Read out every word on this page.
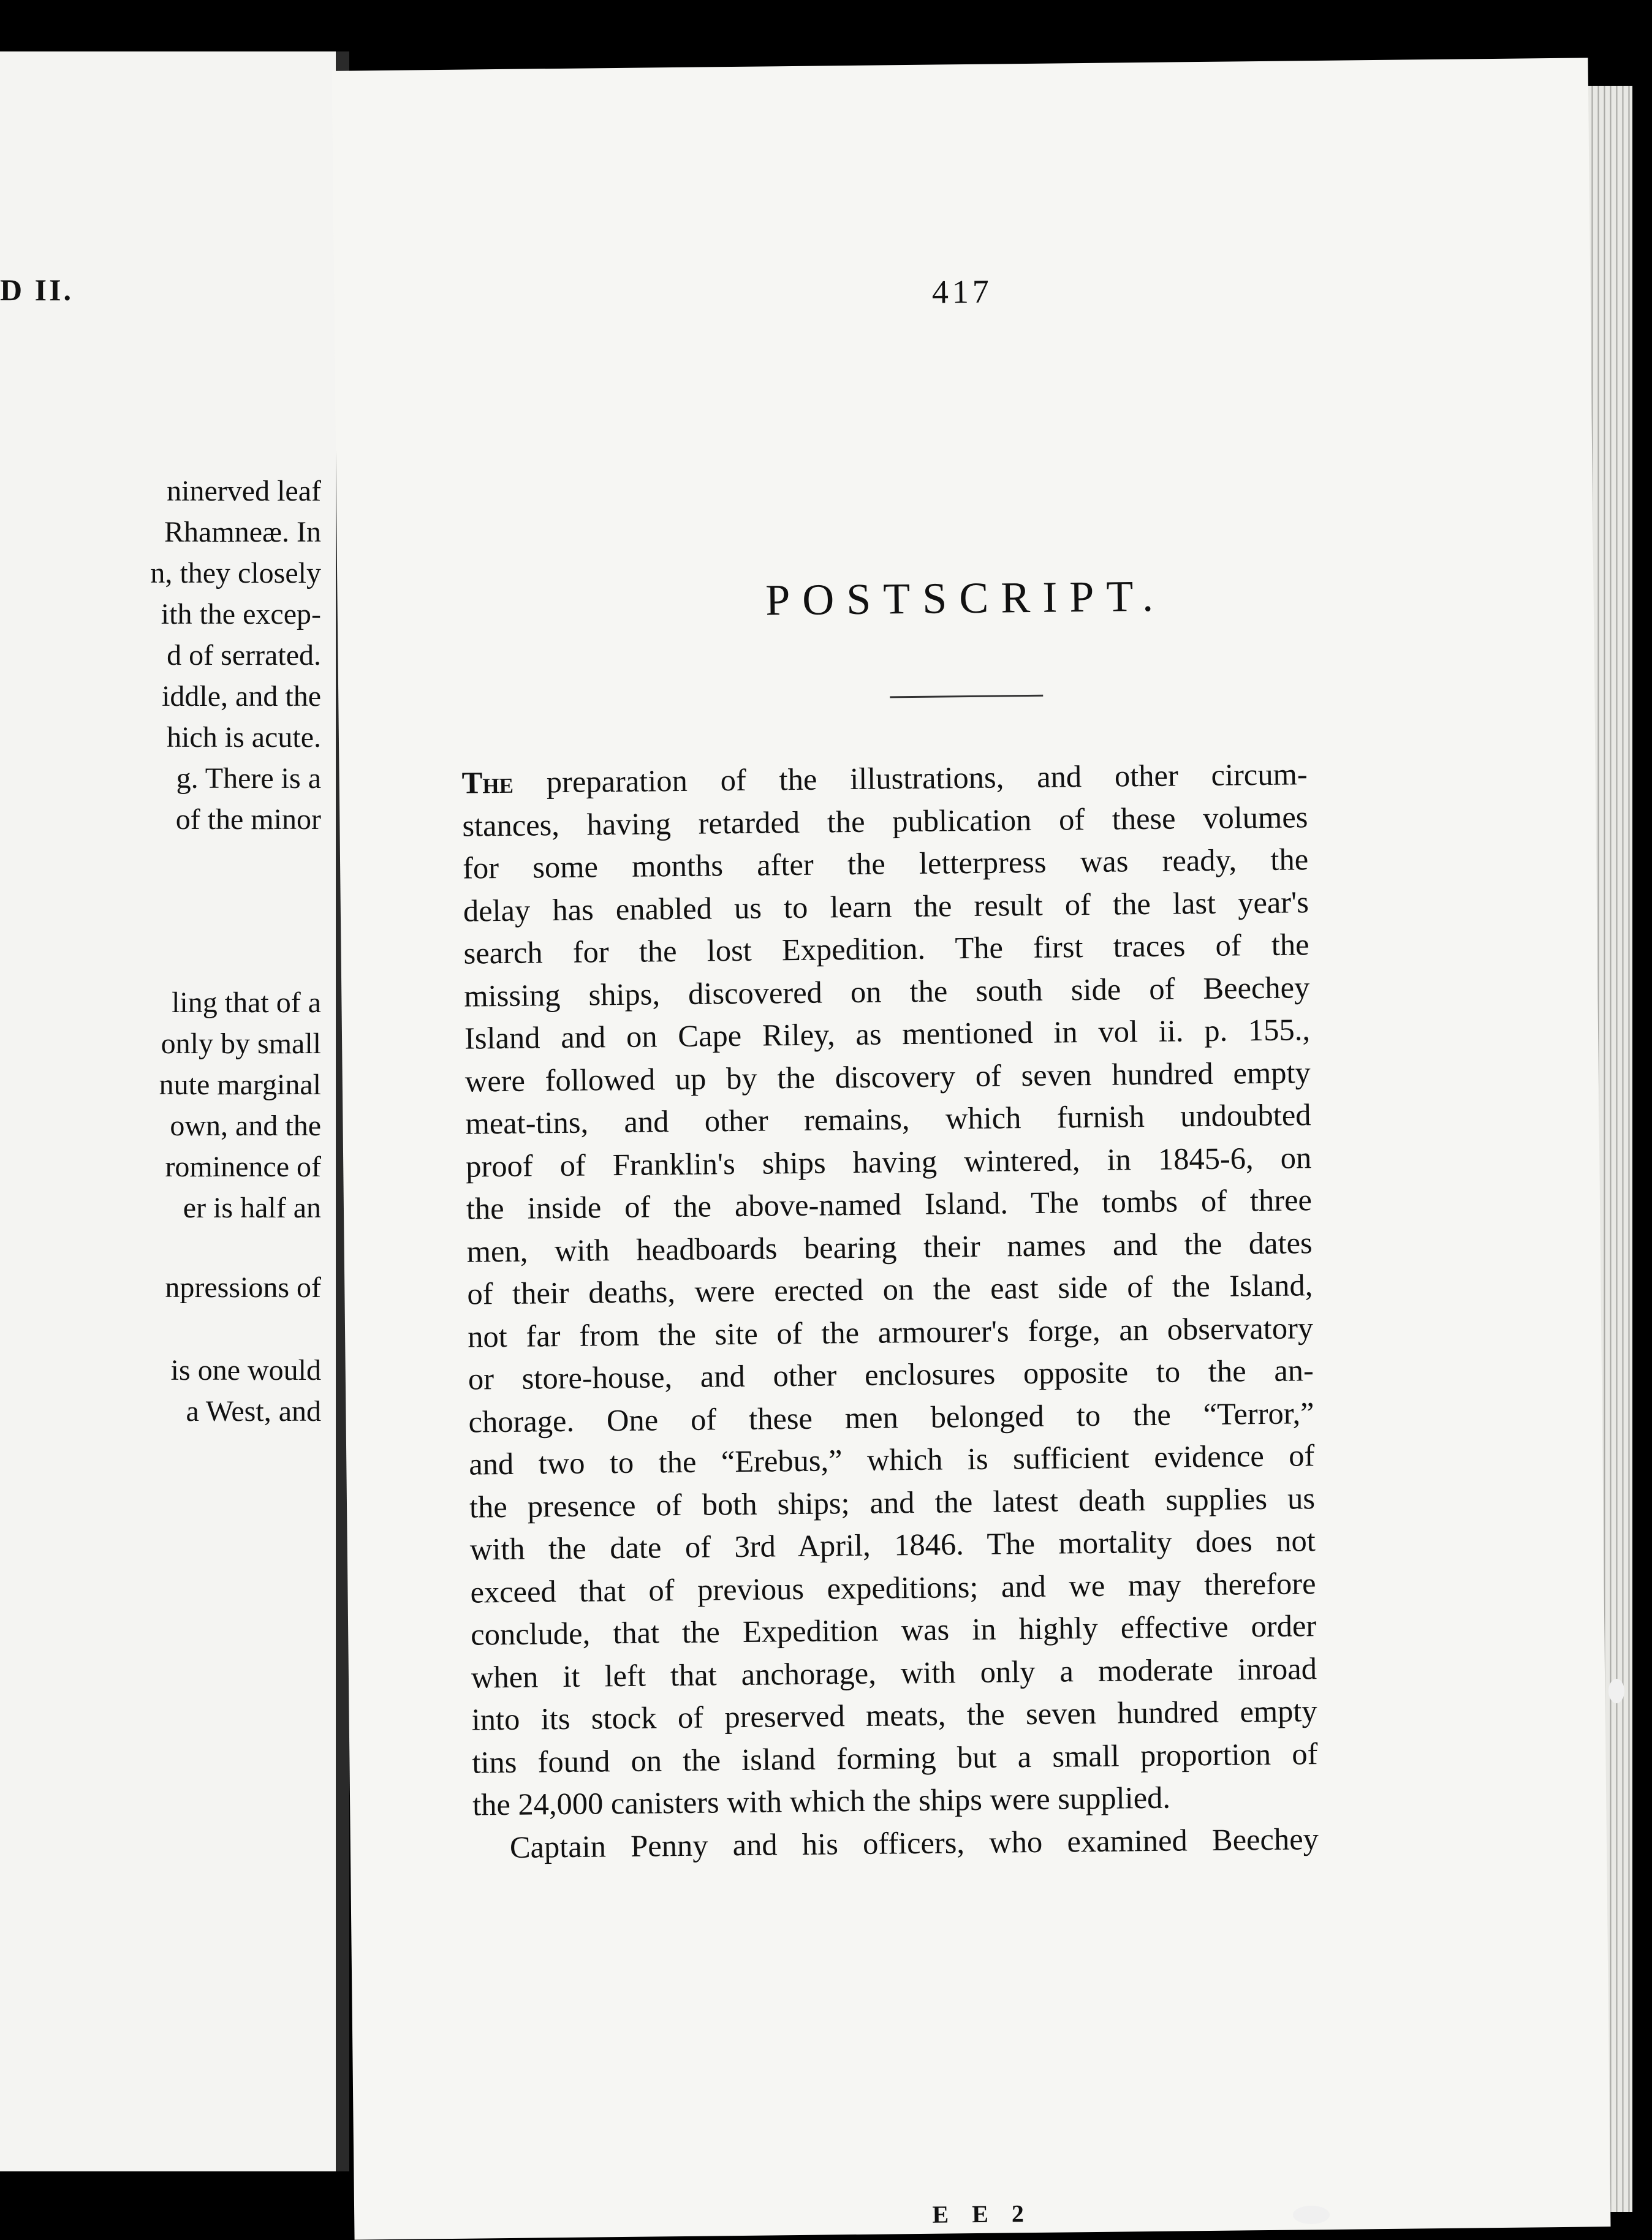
D II.
ninerved leaf
Rhamneæ. In
n, they closely
ith the excep-
d of serrated.
iddle, and the
hich is acute.
g. There is a
of the minor
ling that of a
only by small
nute marginal
own, and the
rominence of
er is half an
npressions of
is one would
a West, and
417
POSTSCRIPT.
The preparation of the illustrations, and other circum-
stances, having retarded the publication of these volumes
for some months after the letterpress was ready, the
delay has enabled us to learn the result of the last year's
search for the lost Expedition. The first traces of the
missing ships, discovered on the south side of Beechey
Island and on Cape Riley, as mentioned in vol ii. p. 155.,
were followed up by the discovery of seven hundred empty
meat-tins, and other remains, which furnish undoubted
proof of Franklin's ships having wintered, in 1845-6, on
the inside of the above-named Island. The tombs of three
men, with headboards bearing their names and the dates
of their deaths, were erected on the east side of the Island,
not far from the site of the armourer's forge, an observatory
or store-house, and other enclosures opposite to the an-
chorage. One of these men belonged to the “Terror,”
and two to the “Erebus,” which is sufficient evidence of
the presence of both ships; and the latest death supplies us
with the date of 3rd April, 1846. The mortality does not
exceed that of previous expeditions; and we may therefore
conclude, that the Expedition was in highly effective order
when it left that anchorage, with only a moderate inroad
into its stock of preserved meats, the seven hundred empty
tins found on the island forming but a small proportion of
the 24,000 canisters with which the ships were supplied.
Captain Penny and his officers, who examined Beechey
E E 2
